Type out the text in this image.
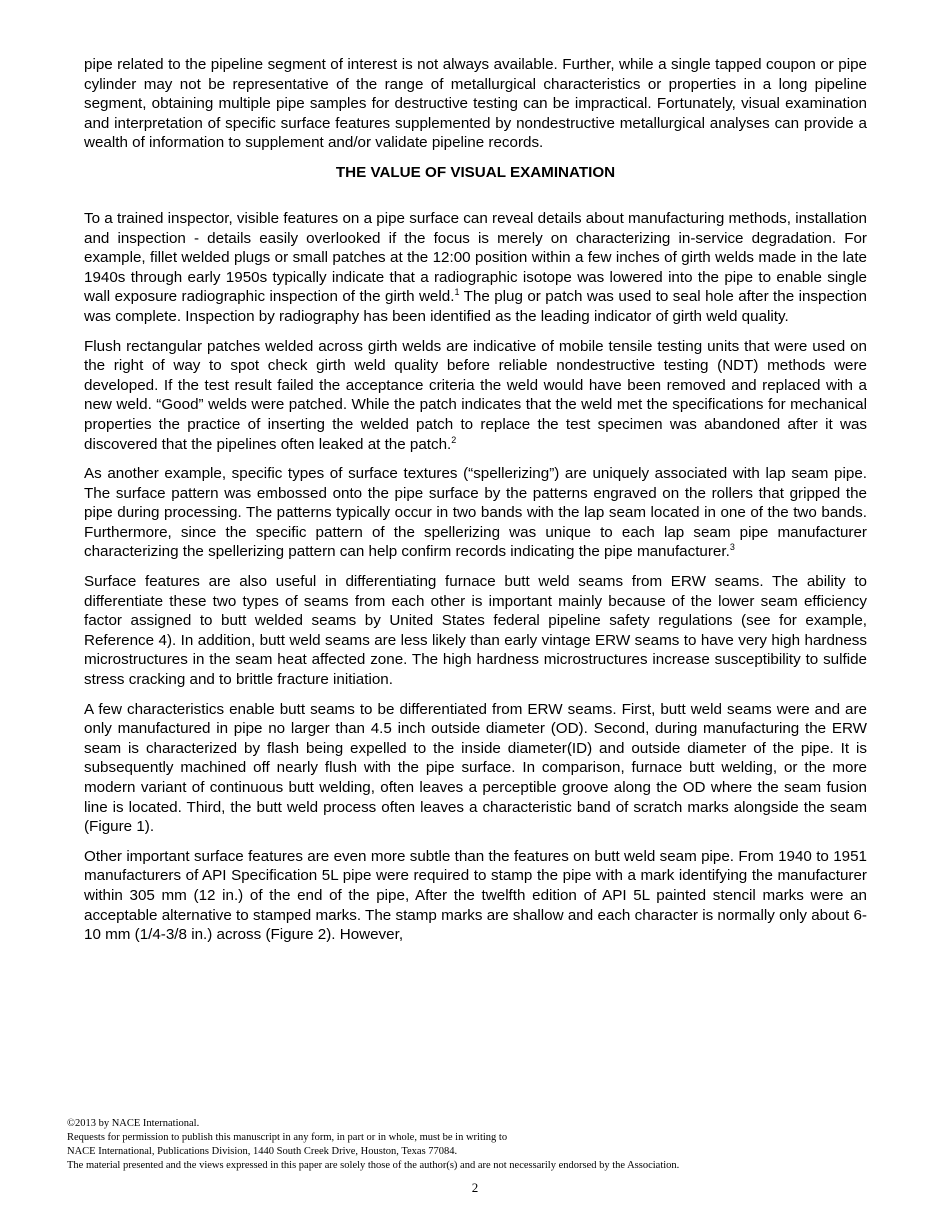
pipe related to the pipeline segment of interest is not always available. Further, while a single tapped coupon or pipe cylinder may not be representative of the range of metallurgical characteristics or properties in a long pipeline segment, obtaining multiple pipe samples for destructive testing can be impractical. Fortunately, visual examination and interpretation of specific surface features supplemented by nondestructive metallurgical analyses can provide a wealth of information to supplement and/or validate pipeline records.

THE VALUE OF VISUAL EXAMINATION

To a trained inspector, visible features on a pipe surface can reveal details about manufacturing methods, installation and inspection - details easily overlooked if the focus is merely on characterizing in-service degradation. For example, fillet welded plugs or small patches at the 12:00 position within a few inches of girth welds made in the late 1940s through early 1950s typically indicate that a radiographic isotope was lowered into the pipe to enable single wall exposure radiographic inspection of the girth weld.$^1$ The plug or patch was used to seal hole after the inspection was complete. Inspection by radiography has been identified as the leading indicator of girth weld quality.

Flush rectangular patches welded across girth welds are indicative of mobile tensile testing units that were used on the right of way to spot check girth weld quality before reliable nondestructive testing (NDT) methods were developed. If the test result failed the acceptance criteria the weld would have been removed and replaced with a new weld. “Good” welds were patched. While the patch indicates that the weld met the specifications for mechanical properties the practice of inserting the welded patch to replace the test specimen was abandoned after it was discovered that the pipelines often leaked at the patch.$^2$

As another example, specific types of surface textures (“spellerizing”) are uniquely associated with lap seam pipe. The surface pattern was embossed onto the pipe surface by the patterns engraved on the rollers that gripped the pipe during processing. The patterns typically occur in two bands with the lap seam located in one of the two bands. Furthermore, since the specific pattern of the spellerizing was unique to each lap seam pipe manufacturer characterizing the spellerizing pattern can help confirm records indicating the pipe manufacturer.$^3$

Surface features are also useful in differentiating furnace butt weld seams from ERW seams. The ability to differentiate these two types of seams from each other is important mainly because of the lower seam efficiency factor assigned to butt welded seams by United States federal pipeline safety regulations (see for example, Reference 4). In addition, butt weld seams are less likely than early vintage ERW seams to have very high hardness microstructures in the seam heat affected zone. The high hardness microstructures increase susceptibility to sulfide stress cracking and to brittle fracture initiation.

A few characteristics enable butt seams to be differentiated from ERW seams. First, butt weld seams were and are only manufactured in pipe no larger than 4.5 inch outside diameter (OD). Second, during manufacturing the ERW seam is characterized by flash being expelled to the inside diameter(ID) and outside diameter of the pipe. It is subsequently machined off nearly flush with the pipe surface. In comparison, furnace butt welding, or the more modern variant of continuous butt welding, often leaves a perceptible groove along the OD where the seam fusion line is located. Third, the butt weld process often leaves a characteristic band of scratch marks alongside the seam (Figure 1).

Other important surface features are even more subtle than the features on butt weld seam pipe. From 1940 to 1951 manufacturers of API Specification 5L pipe were required to stamp the pipe with a mark identifying the manufacturer within 305 mm (12 in.) of the end of the pipe, After the twelfth edition of API 5L painted stencil marks were an acceptable alternative to stamped marks. The stamp marks are shallow and each character is normally only about 6-10 mm (1/4-3/8 in.) across (Figure 2). However,

©2013 by NACE International.
Requests for permission to publish this manuscript in any form, in part or in whole, must be in writing to
NACE International, Publications Division, 1440 South Creek Drive, Houston, Texas 77084.
The material presented and the views expressed in this paper are solely those of the author(s) and are not necessarily endorsed by the Association.
2
